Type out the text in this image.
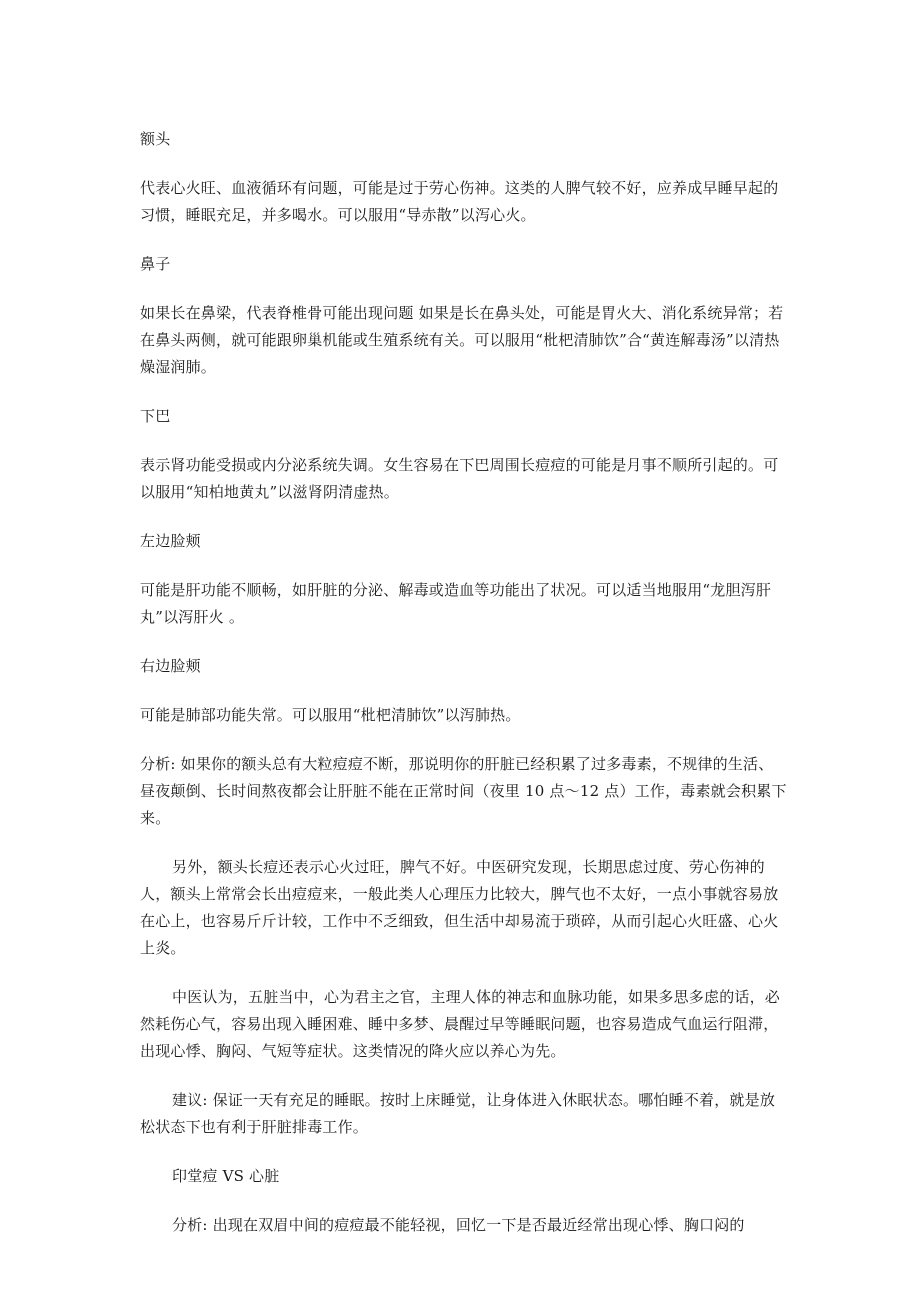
额头

代表心火旺、血液循环有问题，可能是过于劳心伤神。这类的人脾气较不好，应养成早睡早起的习惯，睡眠充足，并多喝水。可以服用“导赤散”以泻心火。

鼻子

如果长在鼻梁，代表脊椎骨可能出现问题 如果是长在鼻头处，可能是胃火大、消化系统异常；若在鼻头两侧，就可能跟卵巢机能或生殖系统有关。可以服用“枇杷清肺饮”合“黄连解毒汤”以清热燥湿润肺。

下巴

表示肾功能受损或内分泌系统失调。女生容易在下巴周围长痘痘的可能是月事不顺所引起的。可以服用“知柏地黄丸”以滋肾阴清虚热。

左边脸颊

可能是肝功能不顺畅，如肝脏的分泌、解毒或造血等功能出了状况。可以适当地服用“龙胆泻肝丸”以泻肝火 。

右边脸颊

可能是肺部功能失常。可以服用“枇杷清肺饮”以泻肺热。

分析: 如果你的额头总有大粒痘痘不断，那说明你的肝脏已经积累了过多毒素，不规律的生活、昼夜颠倒、长时间熬夜都会让肝脏不能在正常时间（夜里 10 点～12 点）工作，毒素就会积累下来。

另外，额头长痘还表示心火过旺，脾气不好。中医研究发现，长期思虑过度、劳心伤神的人，额头上常常会长出痘痘来，一般此类人心理压力比较大，脾气也不太好，一点小事就容易放在心上，也容易斤斤计较，工作中不乏细致，但生活中却易流于琐碎，从而引起心火旺盛、心火上炎。

中医认为，五脏当中，心为君主之官，主理人体的神志和血脉功能，如果多思多虑的话，必然耗伤心气，容易出现入睡困难、睡中多梦、晨醒过早等睡眠问题，也容易造成气血运行阻滞，出现心悸、胸闷、气短等症状。这类情况的降火应以养心为先。

建议: 保证一天有充足的睡眠。按时上床睡觉，让身体进入休眠状态。哪怕睡不着，就是放松状态下也有利于肝脏排毒工作。

印堂痘 VS 心脏

分析: 出现在双眉中间的痘痘最不能轻视，回忆一下是否最近经常出现心悸、胸口闷的
